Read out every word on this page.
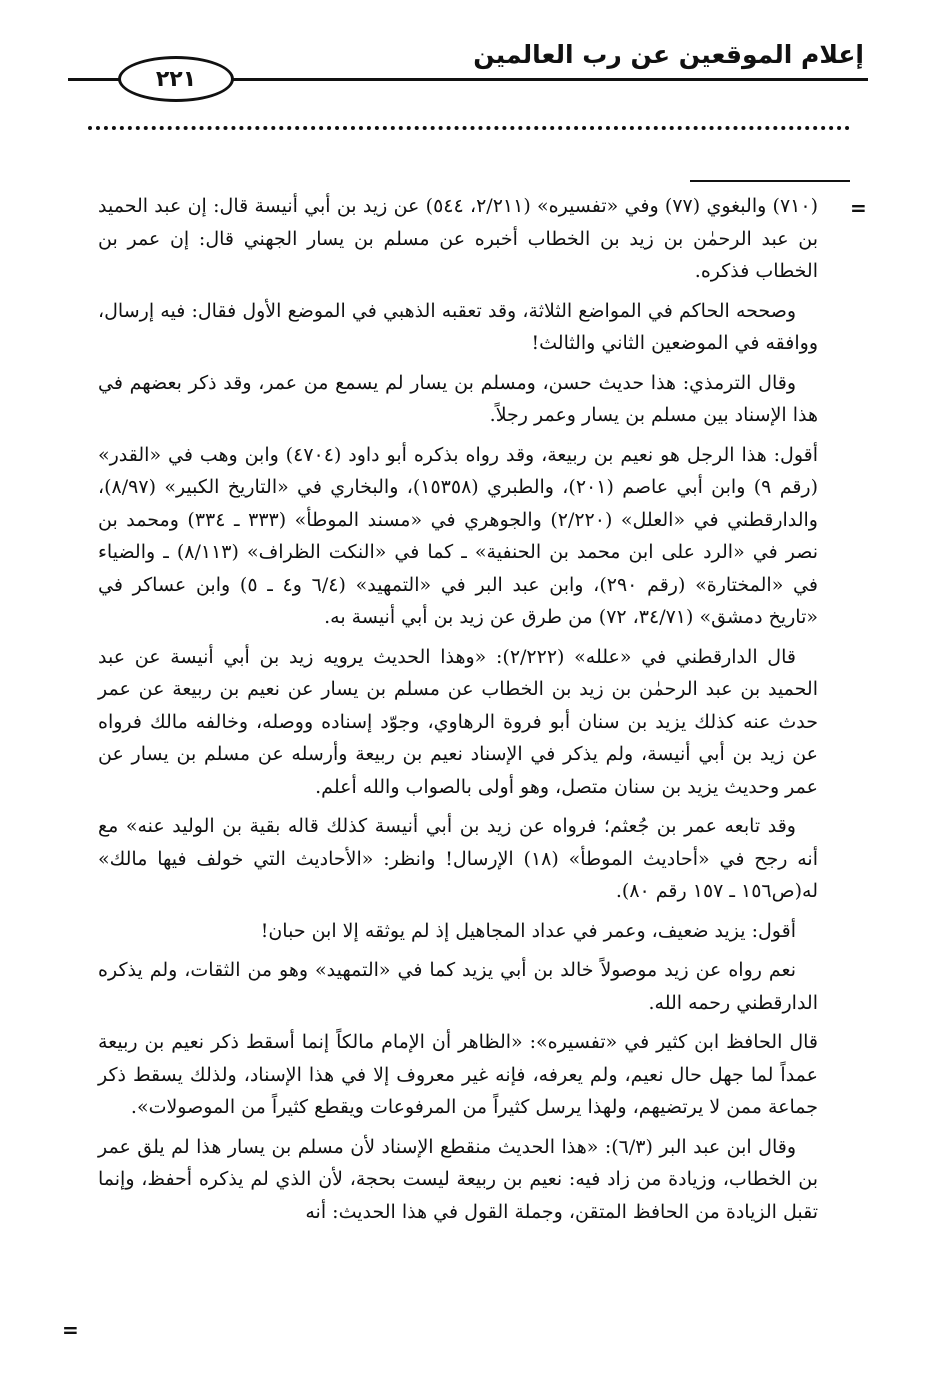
إعلام الموقعين عن رب العالمين
٢٢١
=

(٧١٠) والبغوي (٧٧) وفي «تفسيره» (٢/٢١١، ٥٤٤) عن زيد بن أبي أنيسة قال: إن عبد الحميد بن عبد الرحمٰن بن زيد بن الخطاب أخبره عن مسلم بن يسار الجهني قال: إن عمر بن الخطاب فذكره.

وصححه الحاكم في المواضع الثلاثة، وقد تعقبه الذهبي في الموضع الأول فقال: فيه إرسال، ووافقه في الموضعين الثاني والثالث!

وقال الترمذي: هذا حديث حسن، ومسلم بن يسار لم يسمع من عمر، وقد ذكر بعضهم في هذا الإسناد بين مسلم بن يسار وعمر رجلاً.

أقول: هذا الرجل هو نعيم بن ربيعة، وقد رواه بذكره أبو داود (٤٧٠٤) وابن وهب في «القدر» (رقم ٩) وابن أبي عاصم (٢٠١)، والطبري (١٥٣٥٨)، والبخاري في «التاريخ الكبير» (٨/٩٧)، والدارقطني في «العلل» (٢/٢٢٠) والجوهري في «مسند الموطأ» (٣٣٣ ـ ٣٣٤) ومحمد بن نصر في «الرد على ابن محمد بن الحنفية» ـ كما في «النكت الظراف» (٨/١١٣) ـ والضياء في «المختارة» (رقم ٢٩٠)، وابن عبد البر في «التمهيد» (٦/٤ و٤ ـ ٥) وابن عساكر في «تاريخ دمشق» (٣٤/٧١، ٧٢) من طرق عن زيد بن أبي أنيسة به.

قال الدارقطني في «علله» (٢/٢٢٢): «وهذا الحديث يرويه زيد بن أبي أنيسة عن عبد الحميد بن عبد الرحمٰن بن زيد بن الخطاب عن مسلم بن يسار عن نعيم بن ربيعة عن عمر حدث عنه كذلك يزيد بن سنان أبو فروة الرهاوي، وجوّد إسناده ووصله، وخالفه مالك فرواه عن زيد بن أبي أنيسة، ولم يذكر في الإسناد نعيم بن ربيعة وأرسله عن مسلم بن يسار عن عمر وحديث يزيد بن سنان متصل، وهو أولى بالصواب والله أعلم.

وقد تابعه عمر بن جُعثم؛ فرواه عن زيد بن أبي أنيسة كذلك قاله بقية بن الوليد عنه» مع أنه رجح في «أحاديث الموطأ» (١٨) الإرسال! وانظر: «الأحاديث التي خولف فيها مالك» له(ص١٥٦ ـ ١٥٧ رقم ٨٠).

أقول: يزيد ضعيف، وعمر في عداد المجاهيل إذ لم يوثقه إلا ابن حبان!

نعم رواه عن زيد موصولاً خالد بن أبي يزيد كما في «التمهيد» وهو من الثقات، ولم يذكره الدارقطني رحمه الله.

قال الحافظ ابن كثير في «تفسيره»: «الظاهر أن الإمام مالكاً إنما أسقط ذكر نعيم بن ربيعة عمداً لما جهل حال نعيم، ولم يعرفه، فإنه غير معروف إلا في هذا الإسناد، ولذلك يسقط ذكر جماعة ممن لا يرتضيهم، ولهذا يرسل كثيراً من المرفوعات ويقطع كثيراً من الموصولات».

وقال ابن عبد البر (٦/٣): «هذا الحديث منقطع الإسناد لأن مسلم بن يسار هذا لم يلق عمر بن الخطاب، وزيادة من زاد فيه: نعيم بن ربيعة ليست بحجة، لأن الذي لم يذكره أحفظ، وإنما تقبل الزيادة من الحافظ المتقن، وجملة القول في هذا الحديث: أنه

=
